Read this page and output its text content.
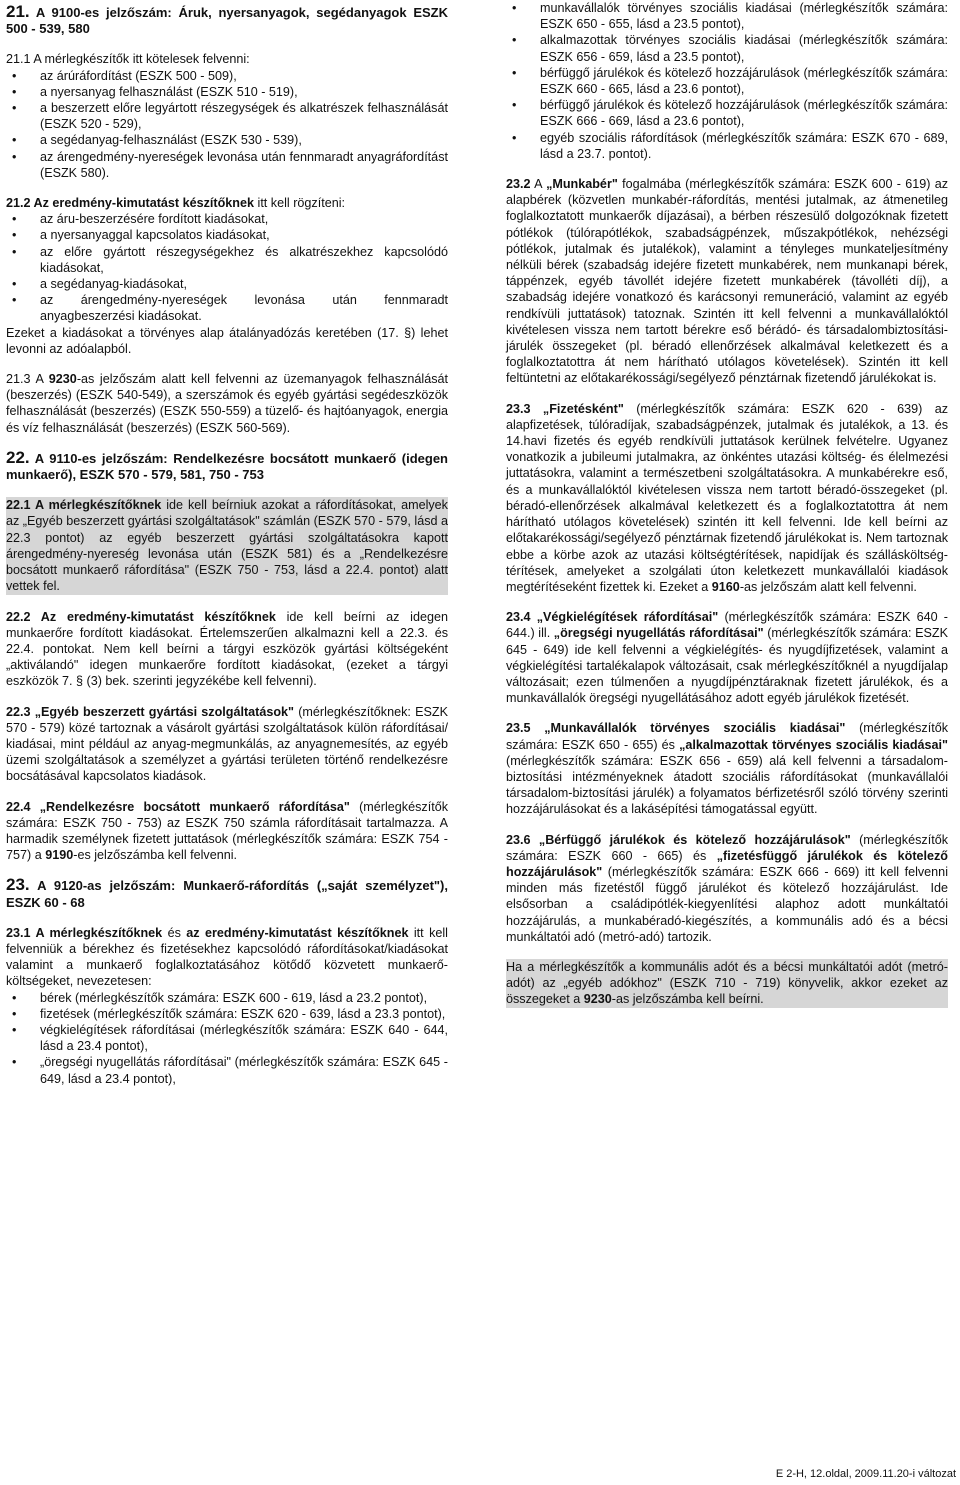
21. A 9100-es jelzőszám: Áruk, nyersanyagok, segédanyagok ESZK 500 - 539, 580

21.1 A mérlegkészítők itt kötelesek felvenni:

• az árúráfordítást (ESZK 500 - 509),
• a nyersanyag felhasználást (ESZK 510 - 519),
• a beszerzett előre legyártott részegységek és alkatrészek felhasználását (ESZK 520 - 529),
• a segédanyag-felhasználást (ESZK 530 - 539),
• az árengedmény-nyereségek levonása után fennmaradt anyagráfordítást (ESZK 580).

21.2 Az eredmény-kimutatást készítőknek itt kell rögzíteni:

• az áru-beszerzésére fordított kiadásokat,
• a nyersanyaggal kapcsolatos kiadásokat,
• az előre gyártott részegységekhez és alkatrészekhez kapcsolódó kiadásokat,
• a segédanyag-kiadásokat,
• az árengedmény-nyereségek levonása után fennmaradt anyagbeszerzési kiadásokat.

Ezeket a kiadásokat a törvényes alap átalányadózás keretében (17. §) lehet levonni az adóalapból.

21.3 A 9230-as jelzőszám alatt kell felvenni az üzemanyagok felhasználását (beszerzés) (ESZK 540-549), a szerszámok és egyéb gyártási segédeszközök felhasználását (beszerzés) (ESZK 550-559) a tüzelő- és hajtóanyagok, energia és víz felhasználását (beszerzés) (ESZK 560-569).

22. A 9110-es jelzőszám: Rendelkezésre bocsátott munkaerő (idegen munkaerő), ESZK 570 - 579, 581, 750 - 753

22.1 A mérlegkészítőknek ide kell beírniuk azokat a ráfordításokat, amelyek az „Egyéb beszerzett gyártási szolgáltatások" számlán (ESZK 570 - 579, lásd a 22.3 pontot) az egyéb beszerzett gyártási szolgáltatásokra kapott árengedmény-nyereség levonása után (ESZK 581) és a „Rendelkezésre bocsátott munkaerő ráfordítása" (ESZK 750 - 753, lásd a 22.4. pontot) alatt vettek fel.

22.2 Az eredmény-kimutatást készítőknek ide kell beírni az idegen munkaerőre fordított kiadásokat. Értelemszerűen alkalmazni kell a 22.3. és 22.4. pontokat. Nem kell beírni a tárgyi eszközök gyártási költségeként „aktiválandó" idegen munkaerőre fordított kiadásokat, (ezeket a tárgyi eszközök 7. § (3) bek. szerinti jegyzékébe kell felvenni).

22.3 „Egyéb beszerzett gyártási szolgáltatások" (mérlegkészítőknek: ESZK 570 - 579) közé tartoznak a vásárolt gyártási szolgáltatások külön ráfordításai/ kiadásai, mint például az anyag-megmunkálás, az anyagnemesítés, az egyéb üzemi szolgáltatások a személyzet a gyártási területen történő rendelkezésre bocsátásával kapcsolatos kiadások.

22.4 „Rendelkezésre bocsátott munkaerő ráfordítása" (mérlegkészítők számára: ESZK 750 - 753) az ESZK 750 számla ráfordításait tartalmazza. A harmadik személynek fizetett juttatások (mérlegkészítők számára: ESZK 754 - 757) a 9190-es jelzőszámba kell felvenni.

23. A 9120-as jelzőszám: Munkaerő-ráfordítás („saját személyzet"), ESZK 60 - 68

23.1 A mérlegkészítőknek és az eredmény-kimutatást készítőknek itt kell felvenniük a bérekhez és fizetésekhez kapcsolódó ráfordításokat/kiadásokat valamint a munkaerő foglalkoztatásához kötődő közvetett munkaerő-költségeket, nevezetesen:

• bérek (mérlegkészítők számára: ESZK 600 - 619, lásd a 23.2 pontot),
• fizetések (mérlegkészítők számára: ESZK 620 - 639, lásd a 23.3 pontot),
• végkielégítések ráfordításai (mérlegkészítők számára: ESZK 640 - 644, lásd a 23.4 pontot),
• „öregségi nyugellátás ráfordításai" (mérlegkészítők számára: ESZK 645 - 649, lásd a 23.4 pontot),
• munkavállalók törvényes szociális kiadásai (mérlegkészítők számára: ESZK 650 - 655, lásd a 23.5 pontot),
• alkalmazottak törvényes szociális kiadásai (mérlegkészítők számára: ESZK 656 - 659, lásd a 23.5 pontot),
• bérfüggő járulékok és kötelező hozzájárulások (mérlegkészítők számára: ESZK 660 - 665, lásd a 23.6 pontot),
• bérfüggő járulékok és kötelező hozzájárulások (mérlegkészítők számára: ESZK 666 - 669, lásd a 23.6 pontot),
• egyéb szociális ráfordítások (mérlegkészítők számára: ESZK 670 - 689, lásd a 23.7. pontot).

23.2 A „Munkabér" fogalmába (mérlegkészítők számára: ESZK 600 - 619) az alapbérek (közvetlen munkabér-ráfordítás, mentési jutalmak, az átmenetileg foglalkoztatott munkaerők díjazásai), a bérben részesülő dolgozóknak fizetett pótlékok (túlórapótlékok, szabadságpénzek, műszakpótlékok, nehézségi pótlékok, jutalmak és jutalékok), valamint a tényleges munkateljesítmény nélküli bérek (szabadság idejére fizetett munkabérek, nem munkanapi bérek, táppénzek, egyéb távollét idejére fizetett munkabérek (távolléti díj), a szabadság idejére vonatkozó és karácsonyi remuneráció, valamint az egyéb rendkívüli juttatások) tatoznak. Szintén itt kell felvenni a munkavállalóktól kivételesen vissza nem tartott bérekre eső bérádó- és társadalombiztosítási-járulék összegeket (pl. béradó ellenőrzések alkalmával keletkezett és a foglalkoztatottra át nem hárítható utólagos követelések). Szintén itt kell feltüntetni az előtakarékossági/segélyező pénztárnak fizetendő járulékokat is.

23.3 „Fizetésként" (mérlegkészítők számára: ESZK 620 - 639) az alapfizetések, túlóradíjak, szabadságpénzek, jutalmak és jutalékok, a 13. és 14.havi fizetés és egyéb rendkívüli juttatások kerülnek felvételre. Ugyanez vonatkozik a jubileumi jutalmakra, az önkéntes utazási költség- és élelmezési juttatásokra, valamint a természetbeni szolgáltatásokra. A munkabérekre eső, és a munkavállalóktól kivételesen vissza nem tartott béradó-összegeket (pl. béradó-ellenőrzések alkalmával keletkezett és a foglalkoztatottra át nem hárítható utólagos követelések) szintén itt kell felvenni. Ide kell beírni az előtakarékossági/segélyező pénztárnak fizetendő járulékokat is. Nem tartoznak ebbe a körbe azok az utazási költségtérítések, napidíjak és szállásköltség-térítések, amelyeket a szolgálati úton keletkezett munkavállalói kiadások megtérítéseként fizettek ki. Ezeket a 9160-as jelzőszám alatt kell felvenni.

23.4 „Végkielégítések ráfordításai" (mérlegkészítők számára: ESZK 640 - 644.) ill. „öregségi nyugellátás ráfordításai" (mérlegkészítők számára: ESZK 645 - 649) ide kell felvenni a végkielégítés- és nyugdíjfizetések, valamint a végkielégítési tartalékalapok változásait, csak mérlegkészítőknél a nyugdíjalap változásait; ezen túlmenően a nyugdíjpénztáraknak fizetett járulékok, és a munkavállalók öregségi nyugellátásához adott egyéb járulékok fizetését.

23.5 „Munkavállalók törvényes szociális kiadásai" (mérlegkészítők számára: ESZK 650 - 655) és „alkalmazottak törvényes szociális kiadásai" (mérlegkészítők számára: ESZK 656 - 659) alá kell felvenni a társadalom-biztosítási intézményeknek átadott szociális ráfordításokat (munkavállalói társadalom-biztosítási járulék) a folyamatos bérfizetésről szóló törvény szerinti hozzájárulásokat és a lakásépítési támogatással együtt.

23.6 „Bérfüggő járulékok és kötelező hozzájárulások" (mérlegkészítők számára: ESZK 660 - 665) és „fizetésfüggő járulékok és kötelező hozzájárulások" (mérlegkészítők számára: ESZK 666 - 669) itt kell felvenni minden más fizetéstől függő járulékot és kötelező hozzájárulást. Ide elsősorban a családipótlék-kiegyenlítési alaphoz adott munkáltatói hozzájárulás, a munkabéradó-kiegészítés, a kommunális adó és a bécsi munkáltatói adó (metró-adó) tartozik.

Ha a mérlegkészítők a kommunális adót és a bécsi munkáltatói adót (metró-adót) az „egyéb adókhoz" (ESZK 710 - 719) könyvelik, akkor ezeket az összegeket a 9230-as jelzőszámba kell beírni.

E 2-H, 12.oldal, 2009.11.20-i változat
